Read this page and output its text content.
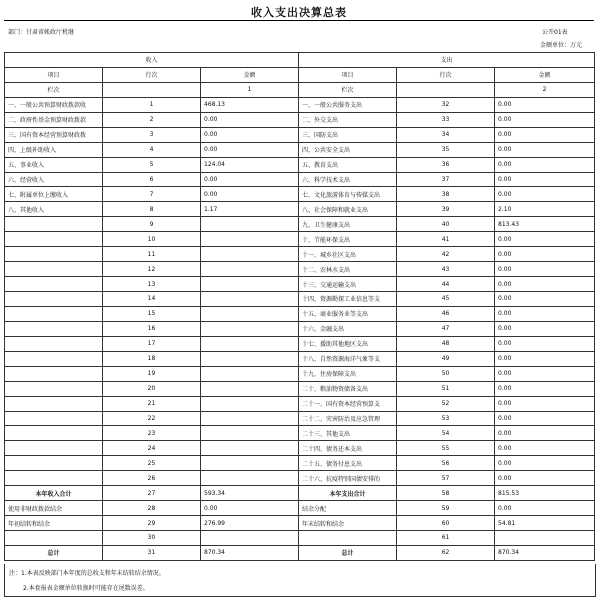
收入支出决算总表
部门：甘肃省帐政厅机继	公开01表
金额单位：万元
收入			支出		
项目	行次	金额	项目	行次	金额
栏次		1	栏次		2
一、一般公共预算财政拨款收	1	468.13	一、一般公共服务支出	32	0.00
二、政府性基金预算财政拨款	2	0.00	二、外交支出	33	0.00
三、国有资本经营预算财政拨	3	0.00	三、国防支出	34	0.00
四、上级补助收入	4	0.00	四、公共安全支出	35	0.00
五、事业收入	5	124.04	五、教育支出	36	0.00
六、经营收入	6	0.00	六、科学技术支出	37	0.00
七、附属单位上缴收入	7	0.00	七、文化旅游体育与传媒支出	38	0.00
八、其他收入	8	1.17	八、社会保障和就业支出	39	2.10
	9		九、卫生健康支出	40	813.43
	10		十、节能环保支出	41	0.00
	11		十一、城乡社区支出	42	0.00
	12		十二、农林水支出	43	0.00
	13		十三、交通运输支出	44	0.00
	14		十四、资源勘探工业信息等支	45	0.00
	15		十五、商业服务业等支出	46	0.00
	16		十六、金融支出	47	0.00
	17		十七、援助其他地区支出	48	0.00
	18		十八、自然资源海洋气象等支	49	0.00
	19		十九、住房保障支出	50	0.00
	20		二十、粮油物资储备支出	51	0.00
	21		二十一、国有资本经营预算支	52	0.00
	22		二十二、灾害防治及应急管理	53	0.00
	23		二十三、其他支出	54	0.00
	24		二十四、债务还本支出	55	0.00
	25		二十五、债务付息支出	56	0.00
	26		二十六、抗疫特别国债安排的	57	0.00
本年收入合计	27	593.34	本年支出合计	58	815.53
使用非财政拨款结余	28	0.00	结余分配	59	0.00
年初结转和结余	29	276.99	年末结转和结余	60	54.81
	30			61	
总计	31	870.34	总计	62	870.34
注：1.本表反映部门本年度的总收支和年末结转结余情况。
2.本套报表金额单位转换时可能存在尾数误差。
